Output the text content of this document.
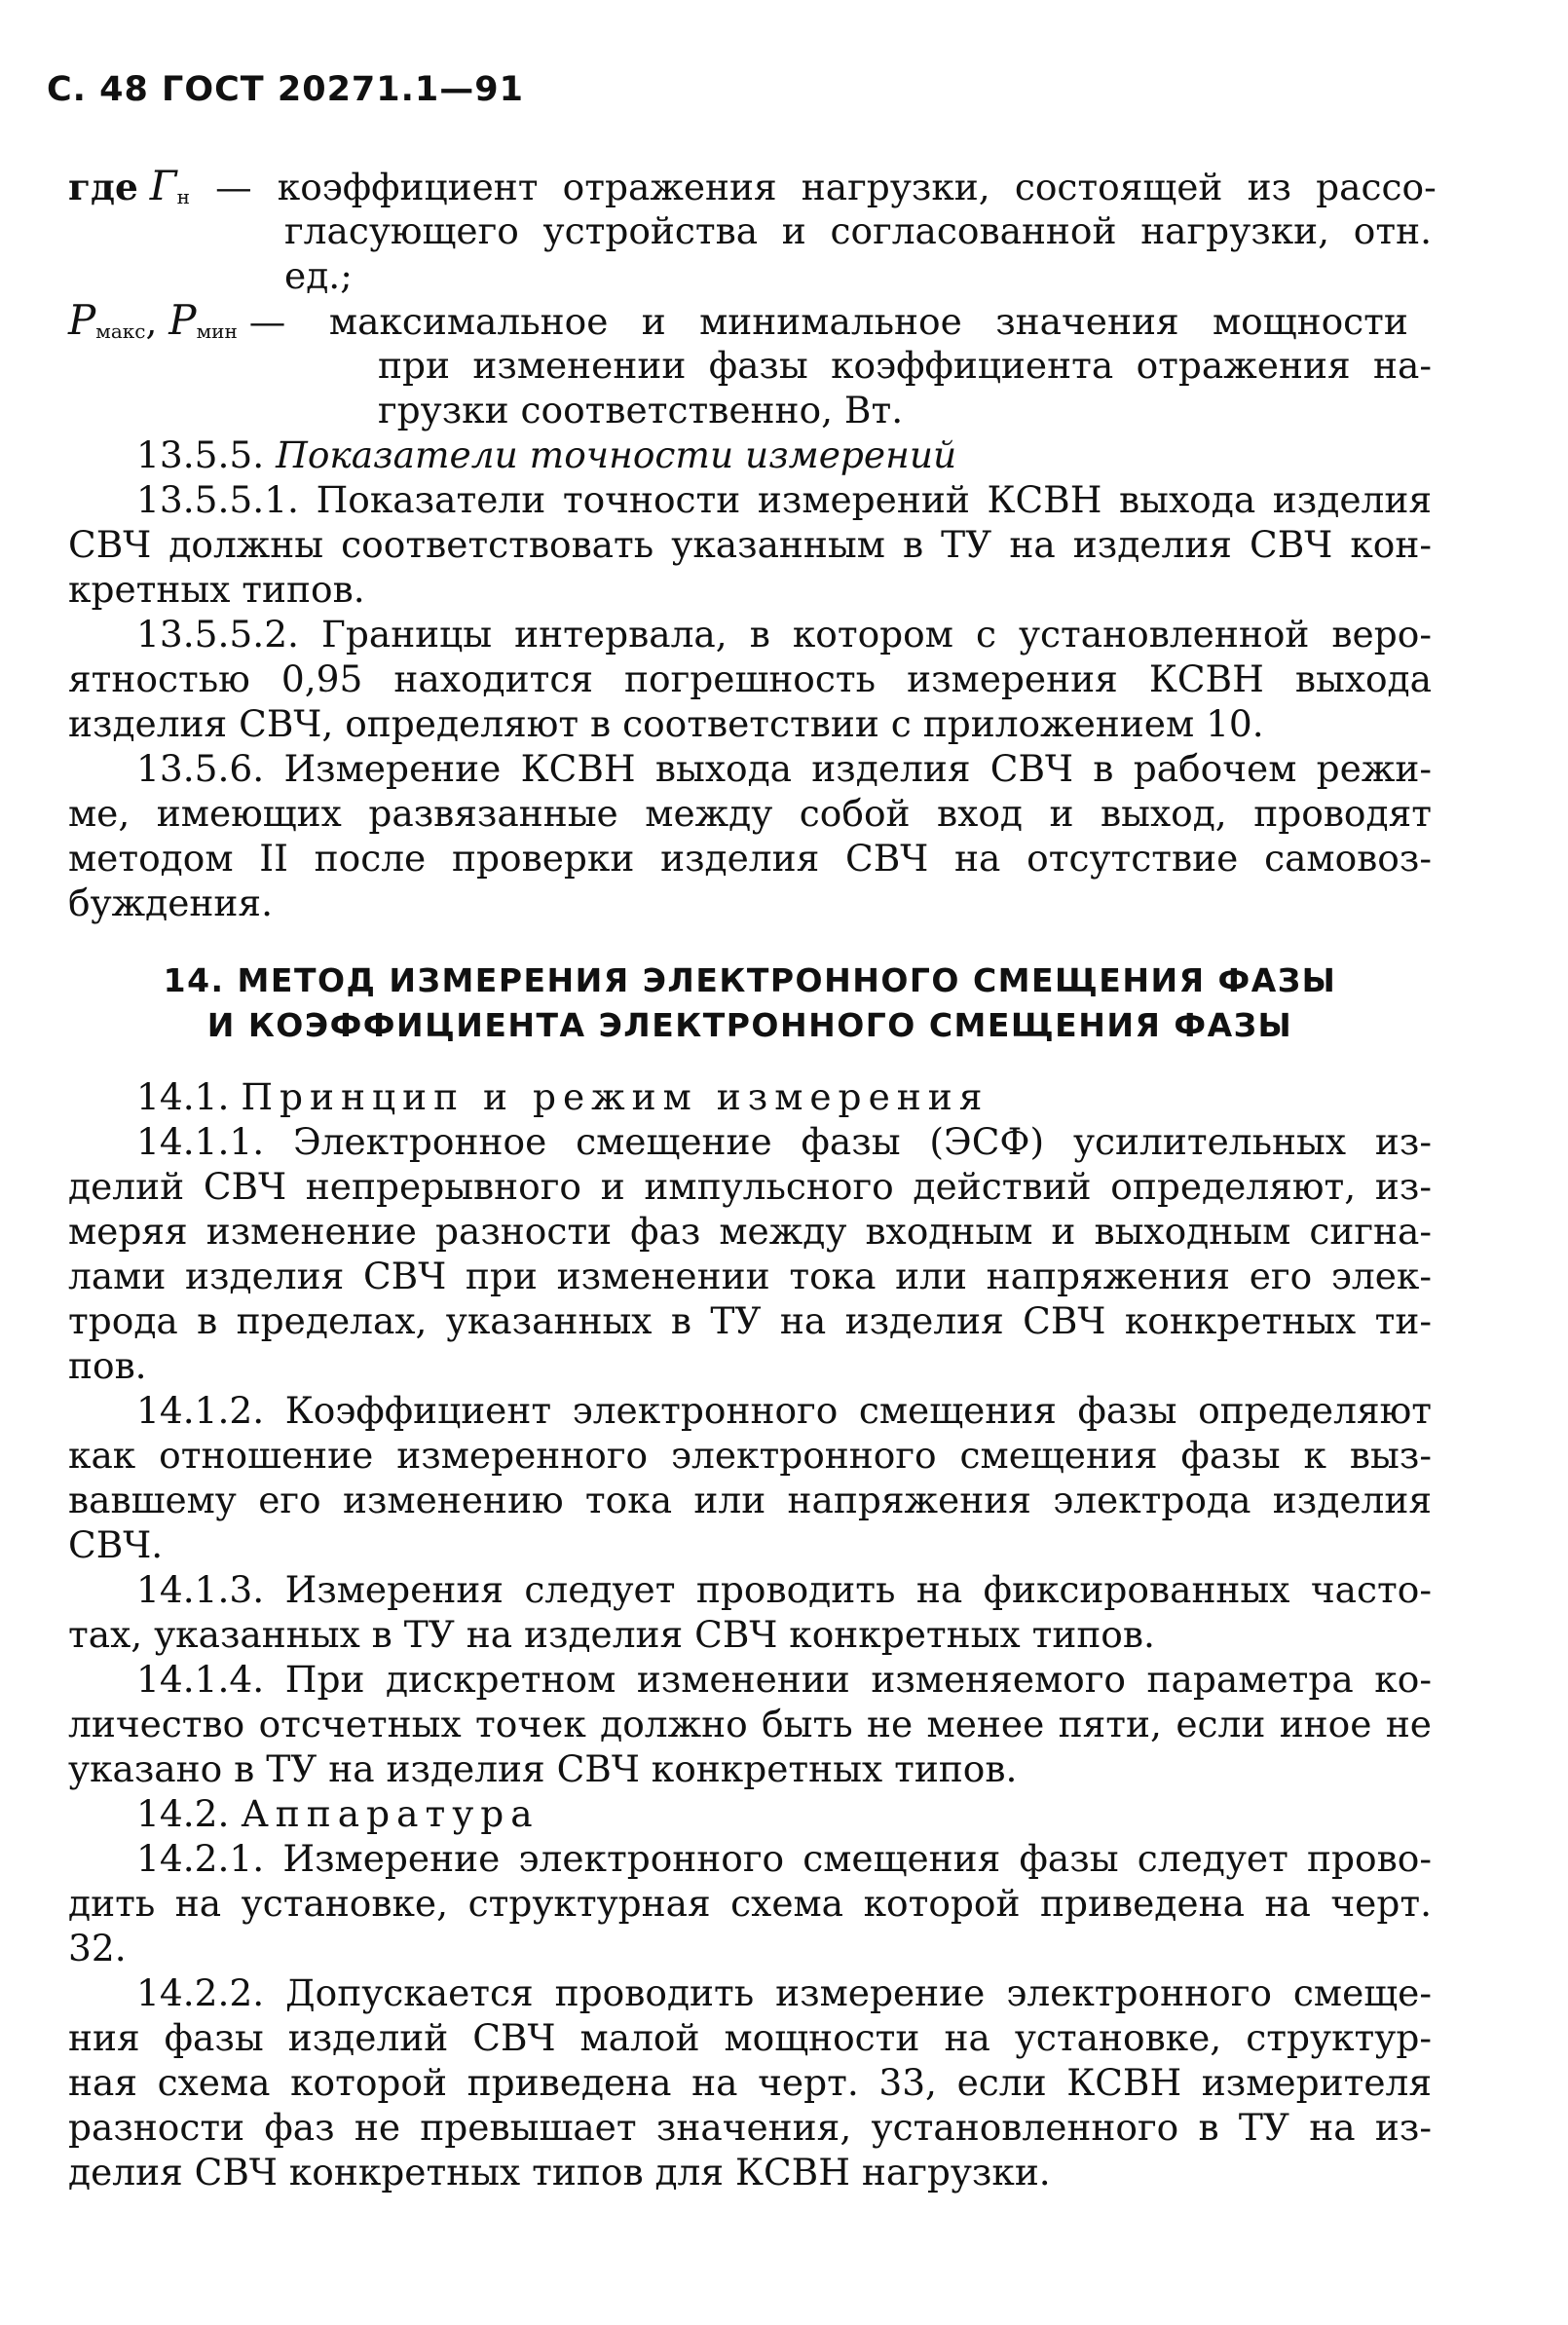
С. 48 ГОСТ 20271.1—91
где Гн — коэффициент отражения нагрузки, состоящей из рассо-
гласующего устройства и согласованной нагрузки, отн.
ед.;
Pмакс, Pмин — максимальное и минимальное значения мощности
при изменении фазы коэффициента отражения на-
грузки соответственно, Вт.
13.5.5. Показатели точности измерений
13.5.5.1. Показатели точности измерений КСВН выхода изделия
СВЧ должны соответствовать указанным в ТУ на изделия СВЧ кон-
кретных типов.
13.5.5.2. Границы интервала, в котором с установленной веро-
ятностью 0,95 находится погрешность измерения КСВН выхода
изделия СВЧ, определяют в соответствии с приложением 10.
13.5.6. Измерение КСВН выхода изделия СВЧ в рабочем режи-
ме, имеющих развязанные между собой вход и выход, проводят
методом II после проверки изделия СВЧ на отсутствие самовоз-
буждения.
14. МЕТОД ИЗМЕРЕНИЯ ЭЛЕКТРОННОГО СМЕЩЕНИЯ ФАЗЫ
И КОЭФФИЦИЕНТА ЭЛЕКТРОННОГО СМЕЩЕНИЯ ФАЗЫ
14.1. Принцип и режим измерения
14.1.1. Электронное смещение фазы (ЭСФ) усилительных из-
делий СВЧ непрерывного и импульсного действий определяют, из-
меряя изменение разности фаз между входным и выходным сигна-
лами изделия СВЧ при изменении тока или напряжения его элек-
трода в пределах, указанных в ТУ на изделия СВЧ конкретных ти-
пов.
14.1.2. Коэффициент электронного смещения фазы определяют
как отношение измеренного электронного смещения фазы к выз-
вавшему его изменению тока или напряжения электрода изделия
СВЧ.
14.1.3. Измерения следует проводить на фиксированных часто-
тах, указанных в ТУ на изделия СВЧ конкретных типов.
14.1.4. При дискретном изменении изменяемого параметра ко-
личество отсчетных точек должно быть не менее пяти, если иное не
указано в ТУ на изделия СВЧ конкретных типов.
14.2. Аппаратура
14.2.1. Измерение электронного смещения фазы следует прово-
дить на установке, структурная схема которой приведена на черт.
32.
14.2.2. Допускается проводить измерение электронного смеще-
ния фазы изделий СВЧ малой мощности на установке, структур-
ная схема которой приведена на черт. 33, если КСВН измерителя
разности фаз не превышает значения, установленного в ТУ на из-
делия СВЧ конкретных типов для КСВН нагрузки.
